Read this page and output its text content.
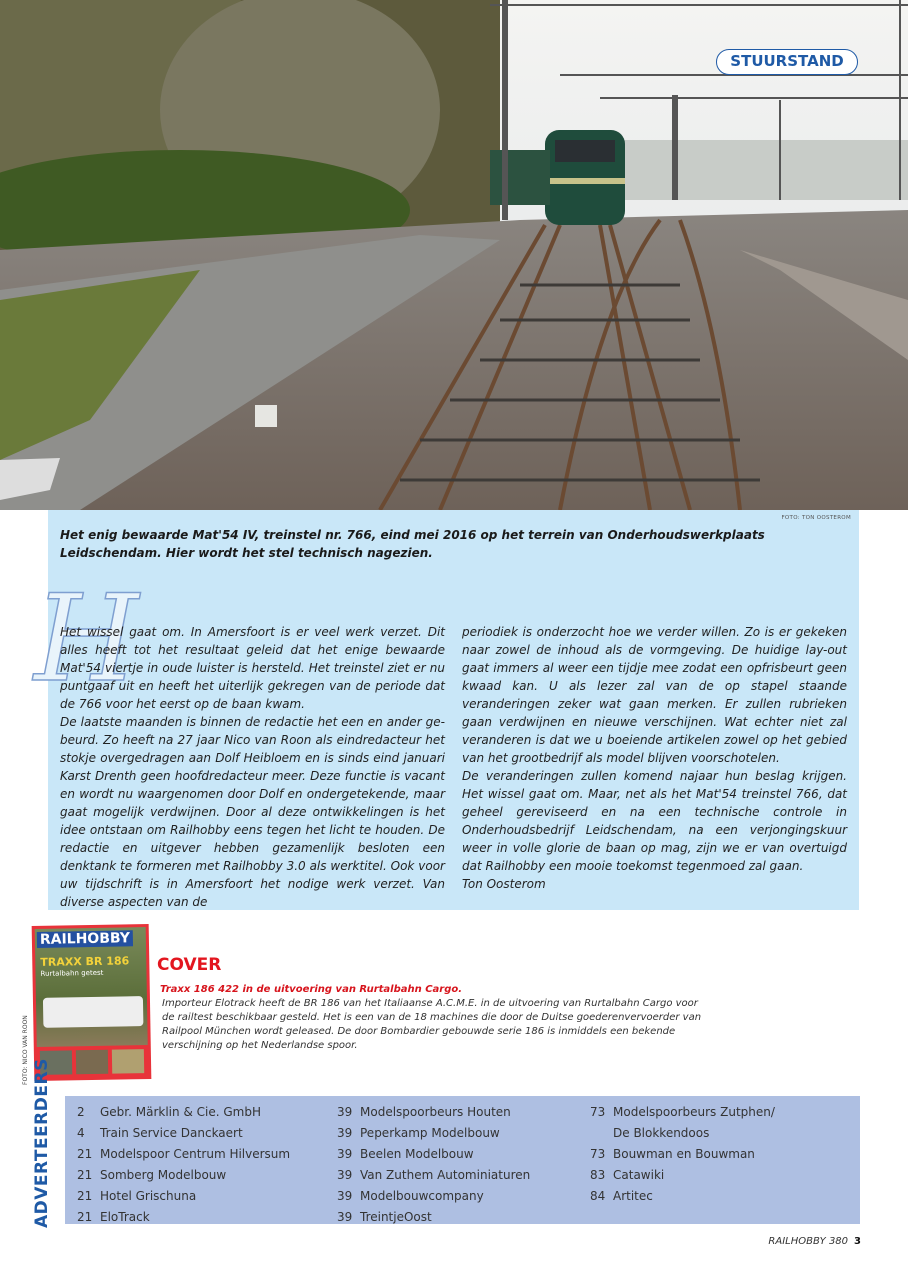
STUURSTAND
FOTO: TON OOSTEROM
Het enig bewaarde Mat'54 IV, treinstel nr. 766, eind mei 2016 op het terrein van Onderhoudswerkplaats Leidschendam. Hier wordt het stel technisch nagezien.
H

Het wissel gaat om. In Amersfoort is er veel werk verzet. Dit alles heeft tot het resultaat geleid dat het enige bewaarde Mat'54 viertje in oude luister is hersteld. Het treinstel ziet er nu puntgaaf uit en heeft het uiterlijk gekregen van de periode dat de 766 voor het eerst op de baan kwam.

De laatste maanden is binnen de redactie het een en ander gebeurd. Zo heeft na 27 jaar Nico van Roon als eindredacteur het stokje overgedragen aan Dolf Heibloem en is sinds eind januari Karst Drenth geen hoofdredacteur meer. Deze functie is vacant en wordt nu waargenomen door Dolf en ondergetekende, maar gaat mogelijk verdwijnen. Door al deze ontwikkelingen is het idee ontstaan om Railhobby eens tegen het licht te houden. De redactie en uitgever hebben gezamenlijk besloten een denktank te formeren met Railhobby 3.0 als werktitel. Ook voor uw tijdschrift is in Amersfoort het nodige werk verzet. Van diverse aspecten van de

periodiek is onderzocht hoe we verder willen. Zo is er gekeken naar zowel de inhoud als de vormgeving. De huidige lay-out gaat immers al weer een tijdje mee zodat een opfrisbeurt geen kwaad kan. U als lezer zal van de op stapel staande veranderingen zeker wat gaan merken. Er zullen rubrieken gaan verdwijnen en nieuwe verschijnen. Wat echter niet zal veranderen is dat we u boeiende artikelen zowel op het gebied van het grootbedrijf als model blijven voorschotelen.

De veranderingen zullen komend najaar hun beslag krijgen. Het wissel gaat om. Maar, net als het Mat'54 treinstel 766, dat geheel gereviseerd en na een technische controle in Onderhoudsbedrijf Leidschendam, na een verjongingskuur weer in volle glorie de baan op mag, zijn we er van overtuigd dat Railhobby een mooie toekomst tegenmoed zal gaan.

Ton Oosterom

RAILHOBBY
TRAXX BR 186
Rurtalbahn getest
FOTO: NICO VAN ROON
COVER
Traxx 186 422 in de uitvoering van Rurtalbahn Cargo.
Importeur Elotrack heeft de BR 186 van het Italiaanse A.C.M.E. in de uitvoering van Rurtalbahn Cargo voor de railtest beschikbaar gesteld. Het is een van de 18 machines die door de Duitse goederenvervoerder van Railpool München wordt geleased. De door Bombardier gebouwde serie 186 is inmiddels een bekende verschijning op het Nederlandse spoor.
ADVERTEERDERS 2 Gebr. Märklin & Cie. GmbH
4 Train Service Danckaert
21 Modelspoor Centrum Hilversum
21 Somberg Modelbouw
21 Hotel Grischuna
21 EloTrack
39 Modelspoorbeurs Houten
39 Peperkamp Modelbouw
39 Beelen Modelbouw
39 Van Zuthem Autominiaturen
39 Modelbouwcompany
39 TreintjeOost
73 Modelspoorbeurs Zutphen/
De Blokkendoos
73 Bouwman en Bouwman
83 Catawiki
84 Artitec
RAILHOBBY 380 3
